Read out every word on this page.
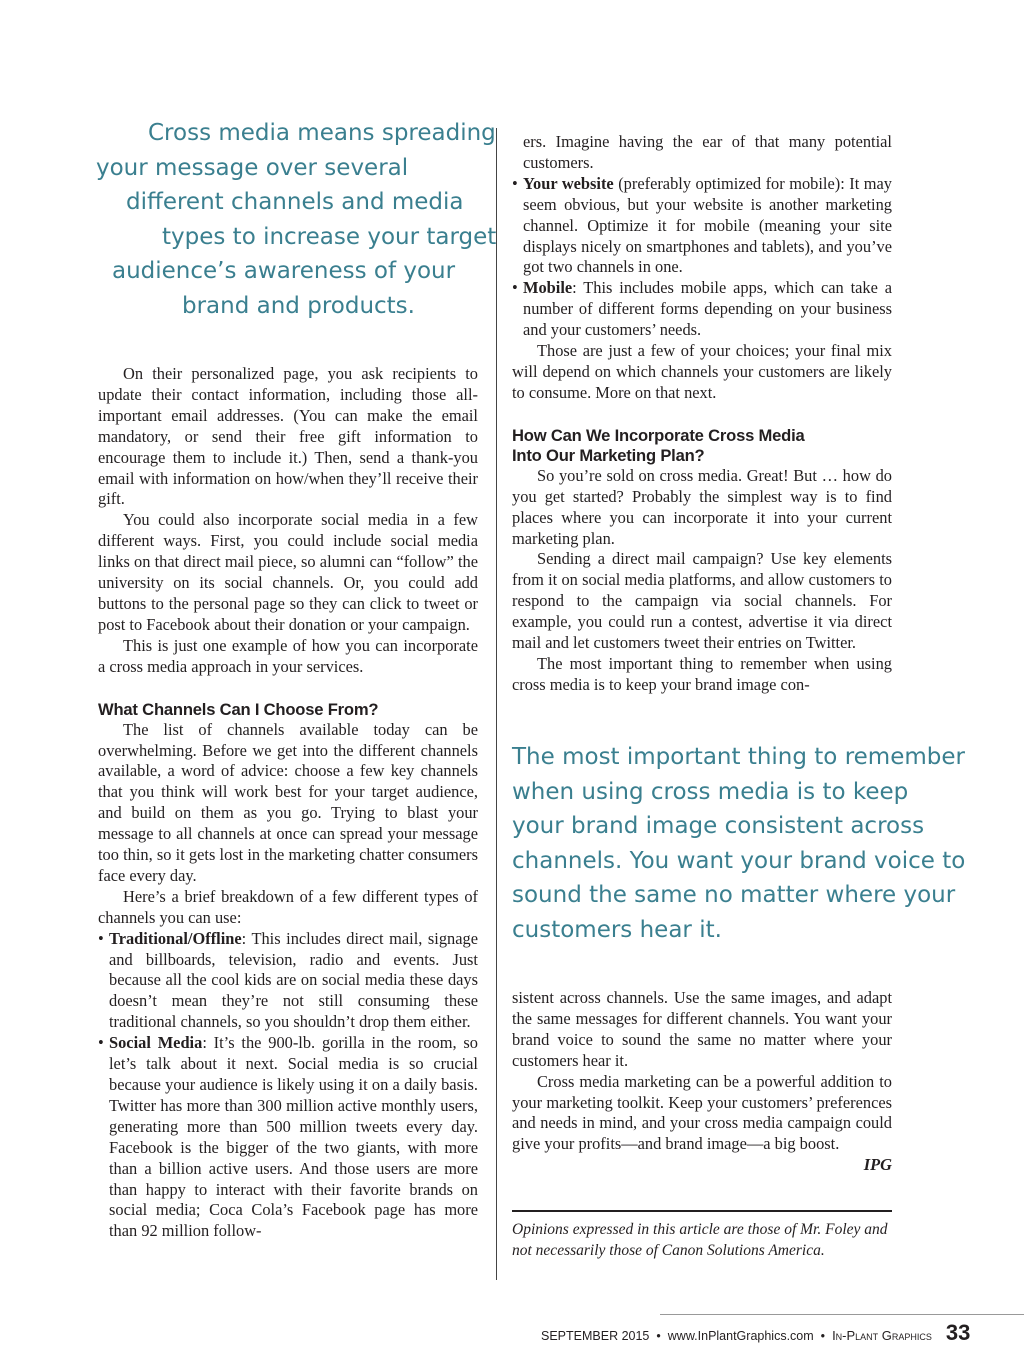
Cross media means spreading
your message over several
different channels and media
types to increase your target
audience’s awareness of your
brand and products.

On their personalized page, you ask recipients to update their contact information, including those all-important email addresses. (You can make the email mandatory, or send their free gift information to encourage them to include it.) Then, send a thank-you email with information on how/when they’ll receive their gift.

You could also incorporate social media in a few different ways. First, you could include social media links on that direct mail piece, so alumni can “follow” the university on its social channels. Or, you could add buttons to the personal page so they can click to tweet or post to Facebook about their donation or your campaign.

This is just one example of how you can incorporate a cross media approach in your services.

What Channels Can I Choose From?

The list of channels available today can be overwhelming. Before we get into the different channels available, a word of advice: choose a few key channels that you think will work best for your target audience, and build on them as you go. Trying to blast your message to all channels at once can spread your message too thin, so it gets lost in the marketing chatter consumers face every day.

Here’s a brief breakdown of a few different types of channels you can use:

• Traditional/Offline: This includes direct mail, signage and billboards, television, radio and events. Just because all the cool kids are on social media these days doesn’t mean they’re not still consuming these traditional channels, so you shouldn’t drop them either.
• Social Media: It’s the 900-lb. gorilla in the room, so let’s talk about it next. Social media is so crucial because your audience is likely using it on a daily basis. Twitter has more than 300 million active monthly users, generating more than 500 million tweets every day. Facebook is the bigger of the two giants, with more than a billion active users. And those users are more than happy to interact with their favorite brands on social media; Coca Cola’s Facebook page has more than 92 million follow-

ers. Imagine having the ear of that many potential customers.

• Your website (preferably optimized for mobile): It may seem obvious, but your website is another marketing channel. Optimize it for mobile (meaning your site displays nicely on smartphones and tablets), and you’ve got two channels in one.
• Mobile: This includes mobile apps, which can take a number of different forms depending on your business and your customers’ needs.

Those are just a few of your choices; your final mix will depend on which channels your customers are likely to consume. More on that next.

How Can We Incorporate Cross Media
Into Our Marketing Plan?

So you’re sold on cross media. Great! But … how do you get started? Probably the simplest way is to find places where you can incorporate it into your current marketing plan.

Sending a direct mail campaign? Use key elements from it on social media platforms, and allow customers to respond to the campaign via social channels. For example, you could run a contest, advertise it via direct mail and let customers tweet their entries on Twitter.

The most important thing to remember when using cross media is to keep your brand image con-

The most important thing to remember
when using cross media is to keep
your brand image consistent across
channels. You want your brand voice to
sound the same no matter where your
customers hear it.

sistent across channels. Use the same images, and adapt the same messages for different channels. You want your brand voice to sound the same no matter where your customers hear it.

Cross media marketing can be a powerful addition to your marketing toolkit. Keep your customers’ preferences and needs in mind, and your cross media campaign could give your profits—and brand image—a big boost.
IPG

Opinions expressed in this article are those of Mr. Foley and not necessarily those of Canon Solutions America.
SEPTEMBER 2015 • www.InPlantGraphics.com • In-Plant Graphics 33
